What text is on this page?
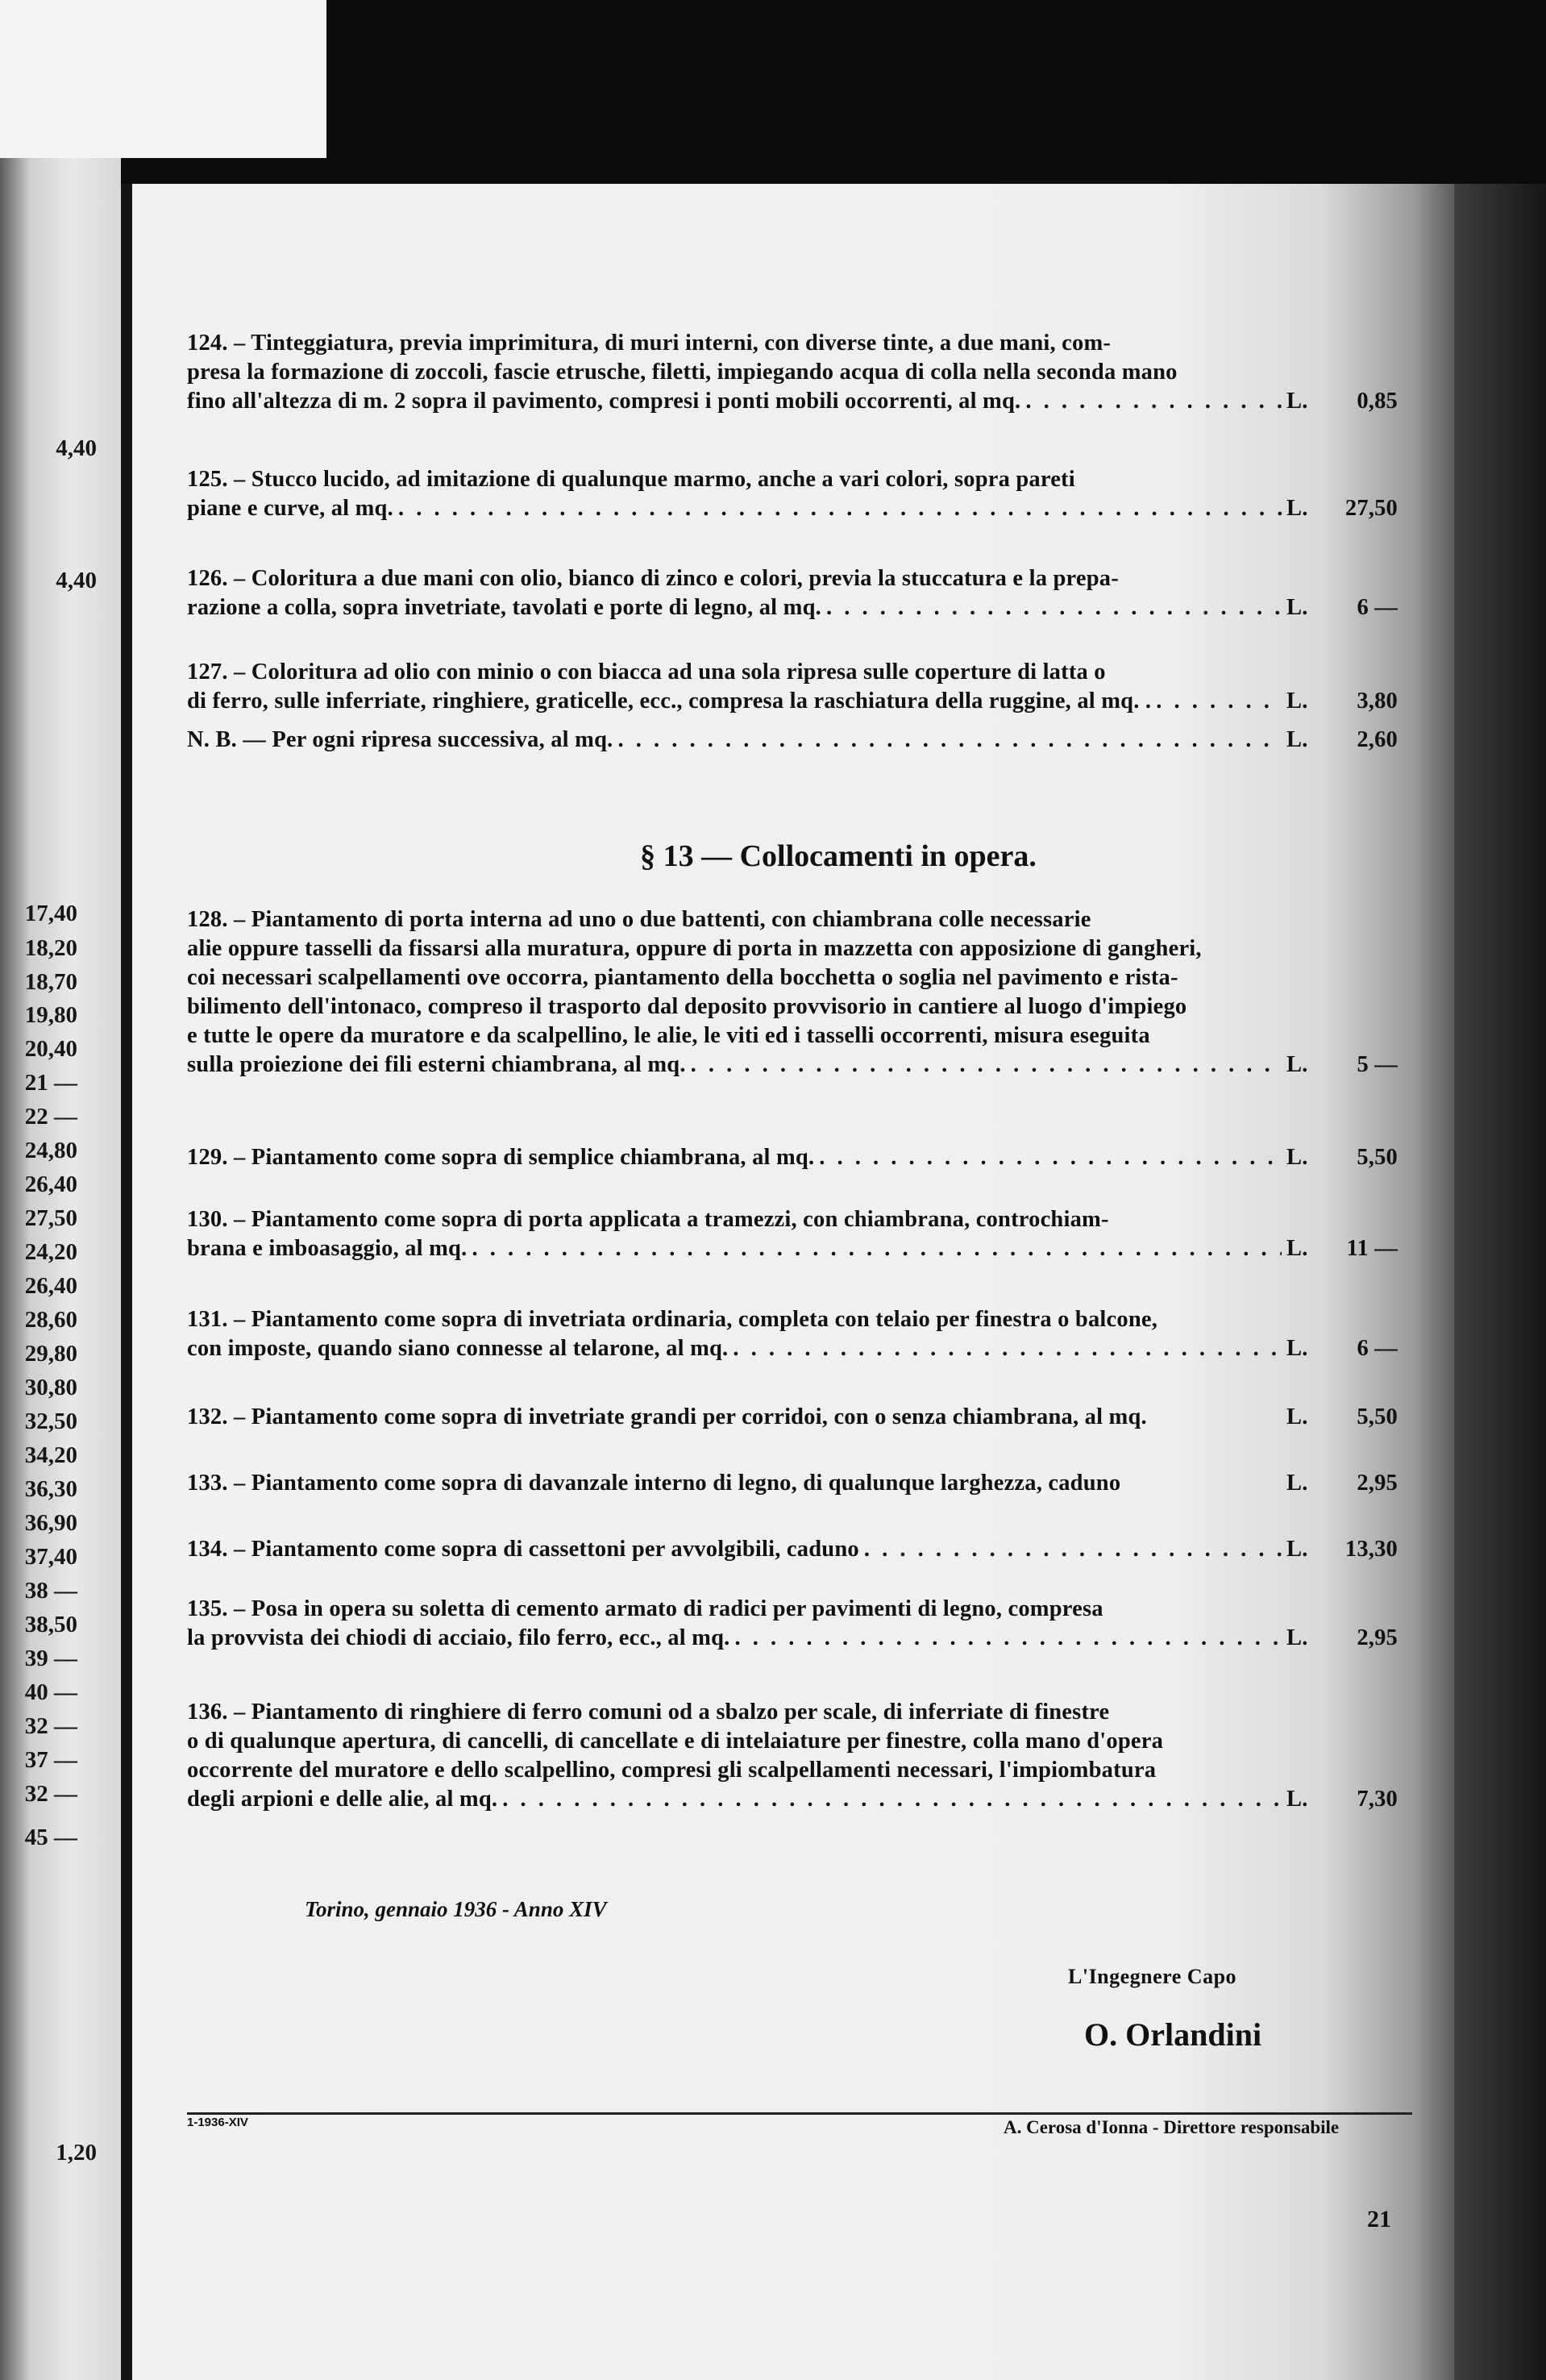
4,40
4,40
17,40
18,20
18,70
19,80
20,40
21 —
22 —
24,80
26,40
27,50
24,20
26,40
28,60
29,80
30,80
32,50
34,20
36,30
36,90
37,40
38 —
38,50
39 —
40 —
32 —
37 —
32 —
45 —
1,20

124. – Tinteggiatura, previa imprimitura, di muri interni, con diverse tinte, a due mani, com-

presa la formazione di zoccoli, fascie etrusche, filetti, impiegando acqua di colla nella seconda mano

fino all'altezza di m. 2 sopra il pavimento, compresi i ponti mobili occorrenti, al mq. . . .	L.	0,85

125. – Stucco lucido, ad imitazione di qualunque marmo, anche a vari colori, sopra pareti

piane e curve, al mq. . . .	L.	27,50

126. – Coloritura a due mani con olio, bianco di zinco e colori, previa la stuccatura e la prepa-

razione a colla, sopra invetriate, tavolati e porte di legno, al mq. . . .	L.	6 —

127. – Coloritura ad olio con minio o con biacca ad una sola ripresa sulle coperture di latta o

di ferro, sulle inferriate, ringhiere, graticelle, ecc., compresa la raschiatura della ruggine, al mq. . . . .	L.	3,80
N. B. — Per ogni ripresa successiva, al mq. . . .	L.	2,60
§ 13 — Collocamenti in opera.

128. – Piantamento di porta interna ad uno o due battenti, con chiambrana colle necessarie

alie oppure tasselli da fissarsi alla muratura, oppure di porta in mazzetta con apposizione di gangheri,

coi necessari scalpellamenti ove occorra, piantamento della bocchetta o soglia nel pavimento e rista-

bilimento dell'intonaco, compreso il trasporto dal deposito provvisorio in cantiere al luogo d'impiego

e tutte le opere da muratore e da scalpellino, le alie, le viti ed i tasselli occorrenti, misura eseguita

sulla proiezione dei fili esterni chiambrana, al mq. . . .	L.	5 —
129. – Piantamento come sopra di semplice chiambrana, al mq. . . .	L.	5,50

130. – Piantamento come sopra di porta applicata a tramezzi, con chiambrana, controchiam-

brana e imboasaggio, al mq. . . .	L.	11 —

131. – Piantamento come sopra di invetriata ordinaria, completa con telaio per finestra o balcone,

con imposte, quando siano connesse al telarone, al mq. . . .	L.	6 —
132. – Piantamento come sopra di invetriate grandi per corridoi, con o senza chiambrana, al mq.	L.	5,50
133. – Piantamento come sopra di davanzale interno di legno, di qualunque larghezza, caduno	L.	2,95
134. – Piantamento come sopra di cassettoni per avvolgibili, caduno . . .	L.	13,30

135. – Posa in opera su soletta di cemento armato di radici per pavimenti di legno, compresa

la provvista dei chiodi di acciaio, filo ferro, ecc., al mq. . . .	L.	2,95

136. – Piantamento di ringhiere di ferro comuni od a sbalzo per scale, di inferriate di finestre

o di qualunque apertura, di cancelli, di cancellate e di intelaiature per finestre, colla mano d'opera

occorrente del muratore e dello scalpellino, compresi gli scalpellamenti necessari, l'impiombatura

degli arpioni e delle alie, al mq. . . .	L.	7,30
Torino, gennaio 1936 - Anno XIV
L'Ingegnere Capo
O. Orlandini
1-1936-XIV	A. Cerosa d'Ionna - Direttore responsabile
21
